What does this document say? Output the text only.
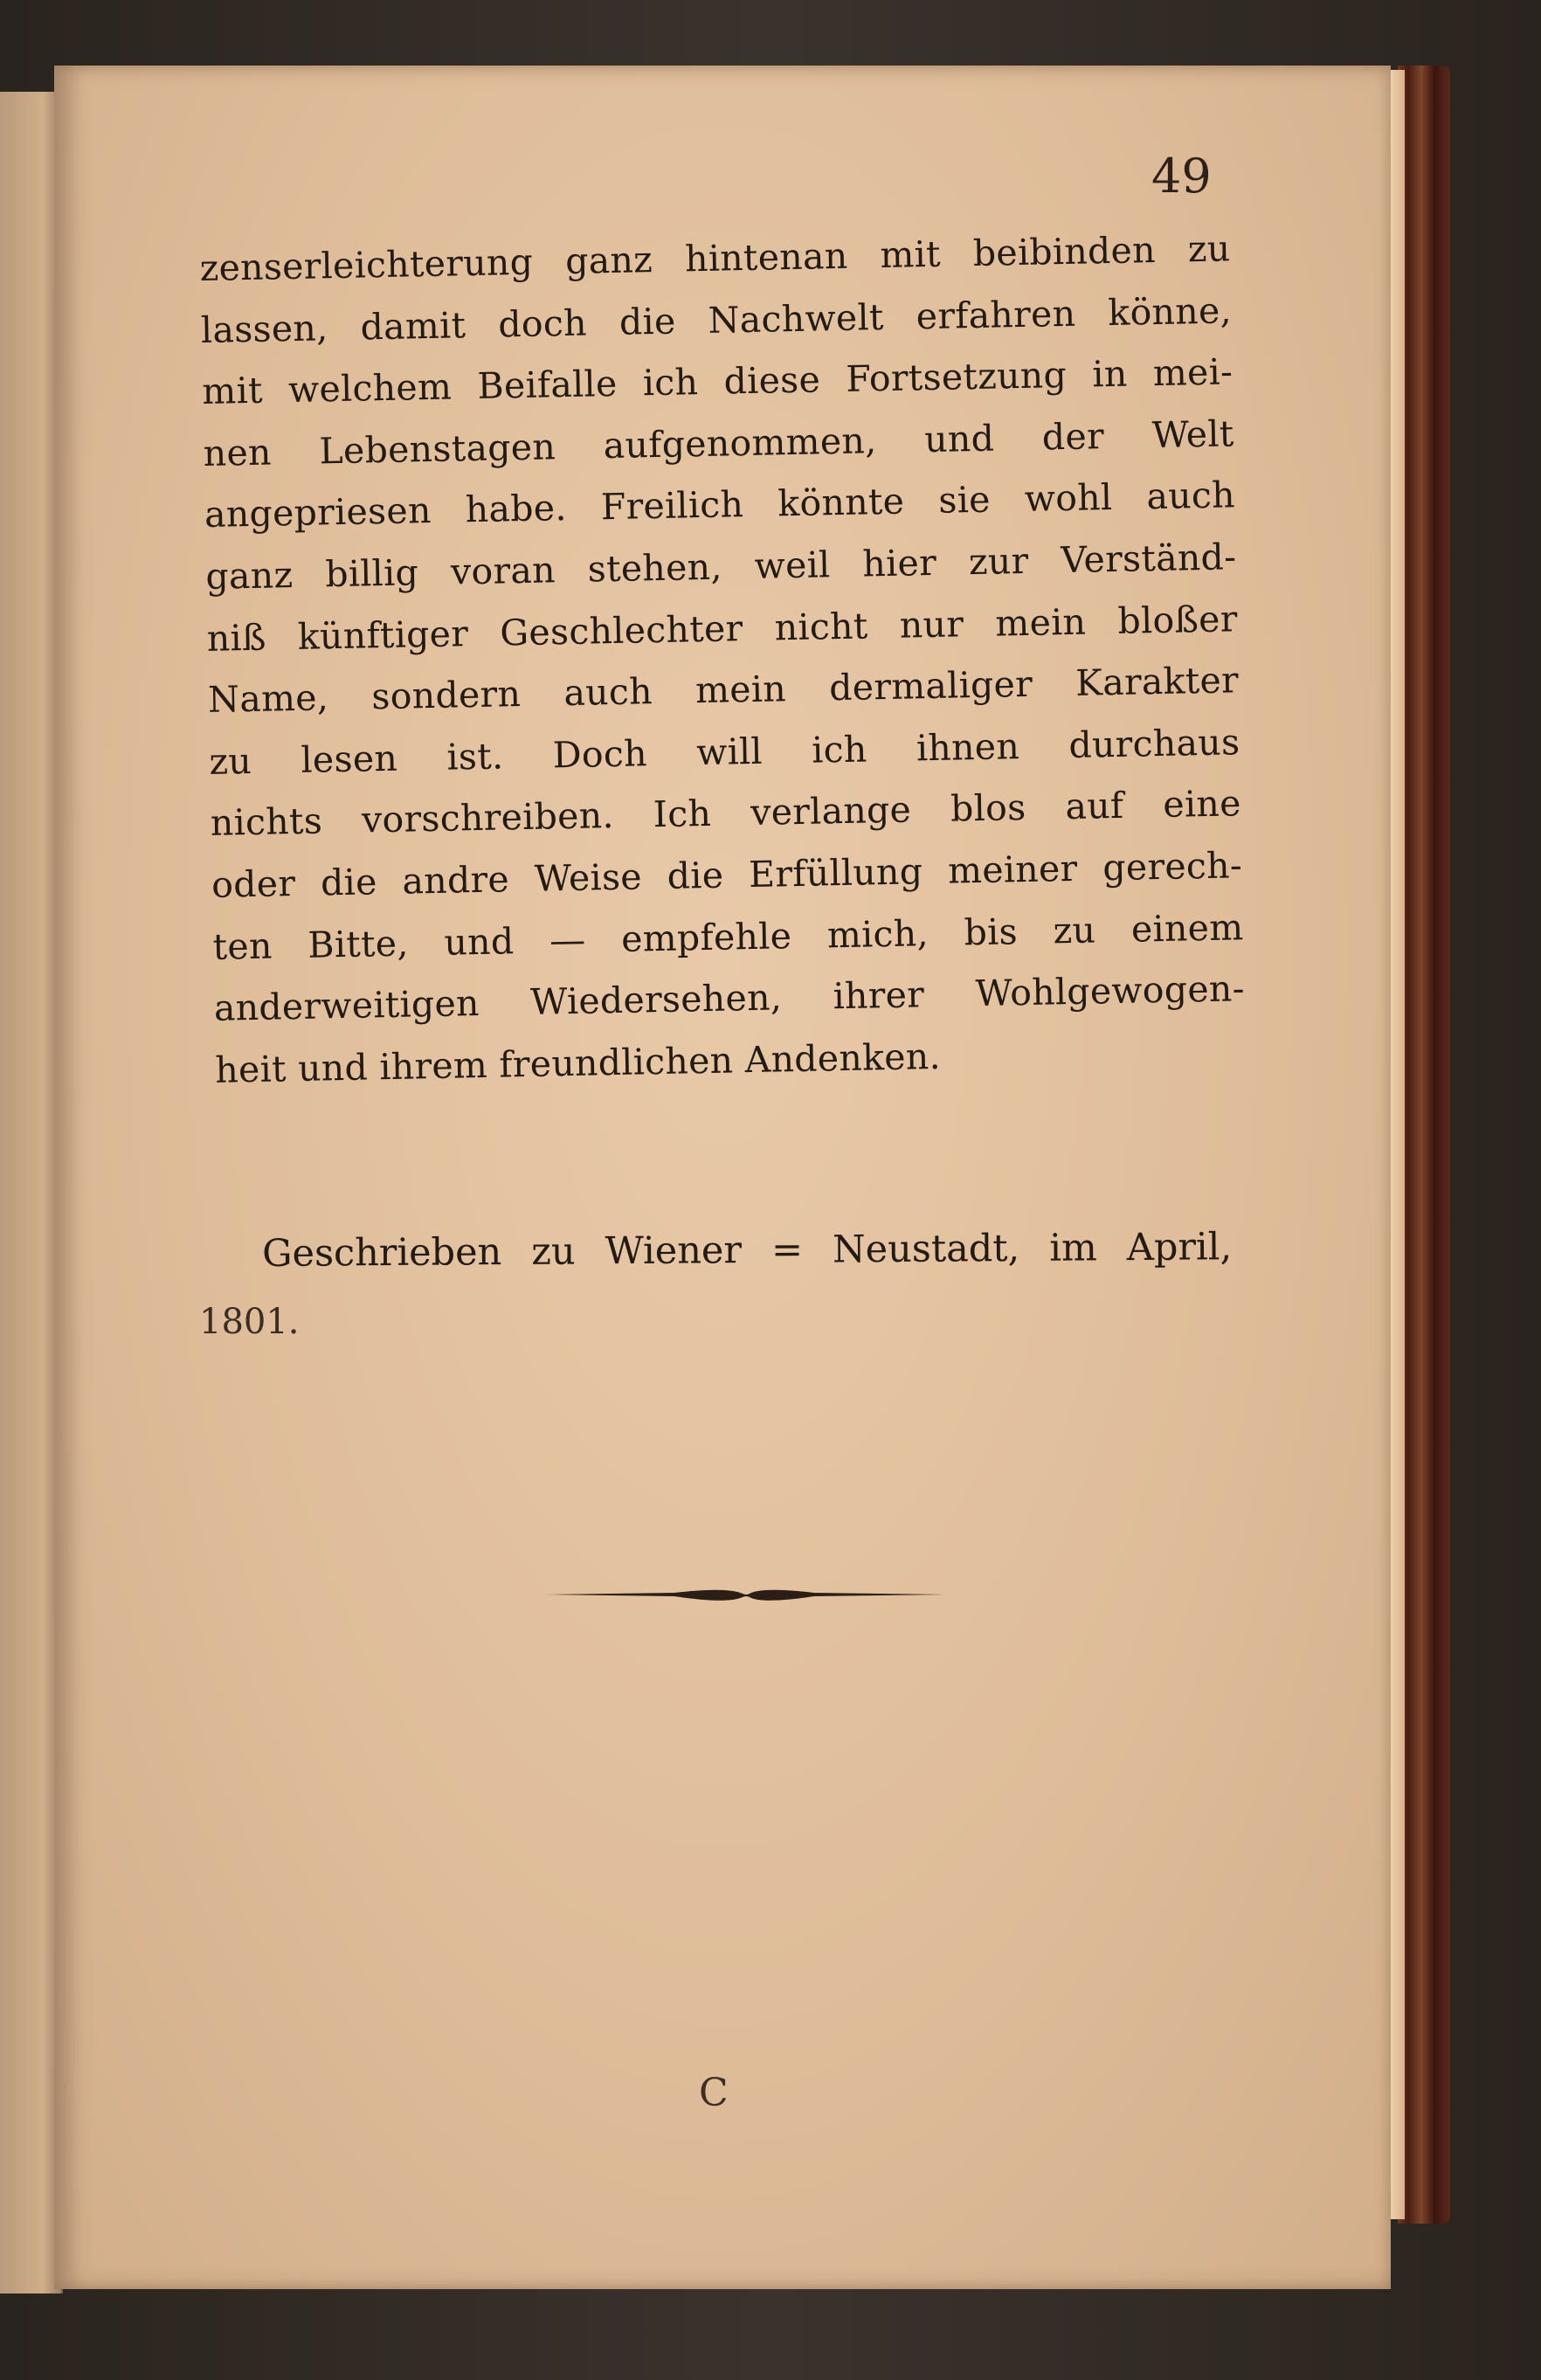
49
zenserleichterung ganz hintenan mit beibinden zu
lassen, damit doch die Nachwelt erfahren könne,
mit welchem Beifalle ich diese Fortsetzung in mei-
nen Lebenstagen aufgenommen, und der Welt
angepriesen habe. Freilich könnte sie wohl auch
ganz billig voran stehen, weil hier zur Verständ-
niß künftiger Geschlechter nicht nur mein bloßer
Name, sondern auch mein dermaliger Karakter
zu lesen ist. Doch will ich ihnen durchaus
nichts vorschreiben. Ich verlange blos auf eine
oder die andre Weise die Erfüllung meiner gerech-
ten Bitte, und — empfehle mich, bis zu einem
anderweitigen Wiedersehen, ihrer Wohlgewogen-
heit und ihrem freundlichen Andenken.
Geschrieben zu Wiener = Neustadt, im April,
1801.
C
